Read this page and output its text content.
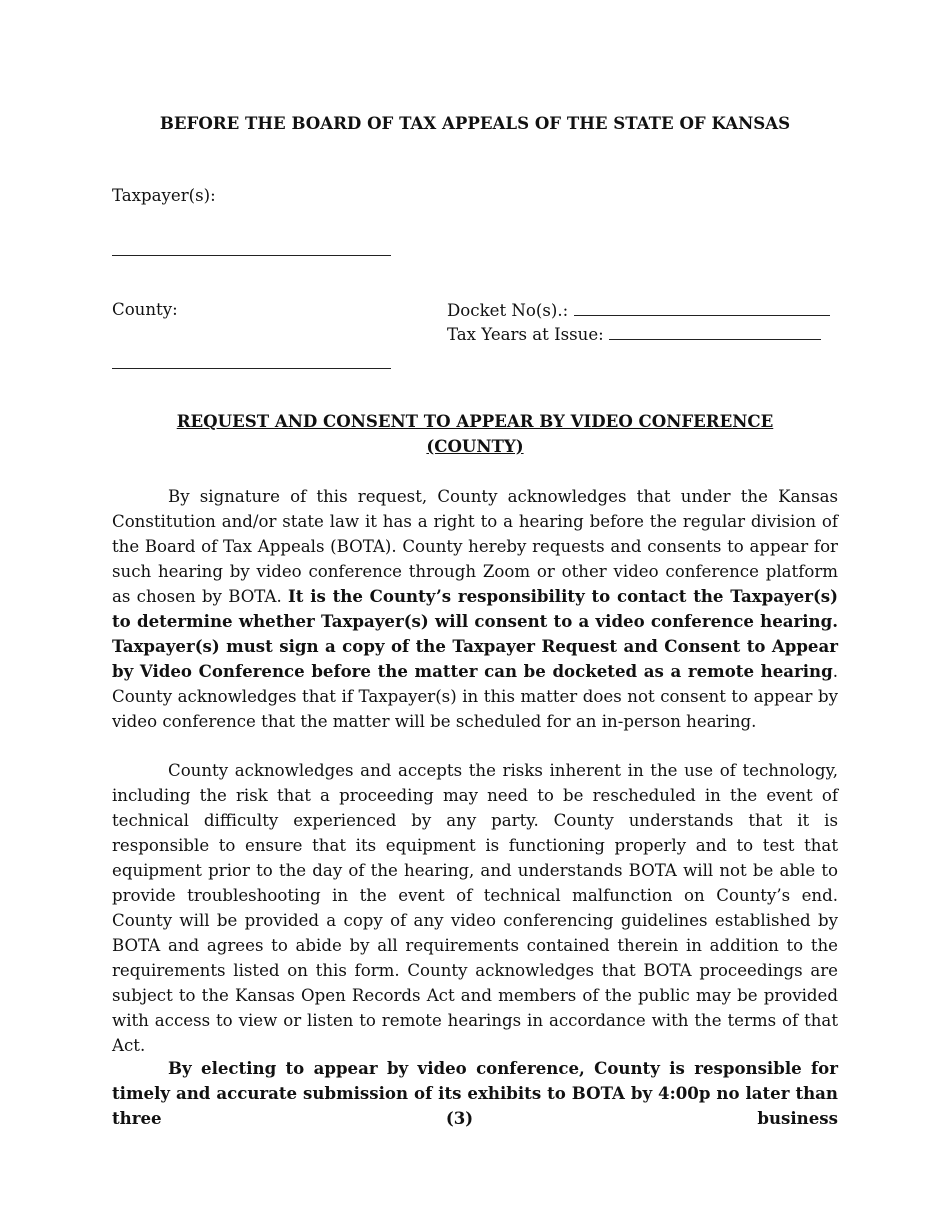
BEFORE THE BOARD OF TAX APPEALS OF THE STATE OF KANSAS
Taxpayer(s):
County:	Docket No(s).:
Tax Years at Issue:
REQUEST AND CONSENT TO APPEAR BY VIDEO CONFERENCE
(COUNTY)
By signature of this request, County acknowledges that under the Kansas Constitution and/or state law it has a right to a hearing before the regular division of the Board of Tax Appeals (BOTA). County hereby requests and consents to appear for such hearing by video conference through Zoom or other video conference platform as chosen by BOTA. It is the County’s responsibility to contact the Taxpayer(s) to determine whether Taxpayer(s) will consent to a video conference hearing. Taxpayer(s) must sign a copy of the Taxpayer Request and Consent to Appear by Video Conference before the matter can be docketed as a remote hearing. County acknowledges that if Taxpayer(s) in this matter does not consent to appear by video conference that the matter will be scheduled for an in-person hearing.
County acknowledges and accepts the risks inherent in the use of technology, including the risk that a proceeding may need to be rescheduled in the event of technical difficulty experienced by any party. County understands that it is responsible to ensure that its equipment is functioning properly and to test that equipment prior to the day of the hearing, and understands BOTA will not be able to provide troubleshooting in the event of technical malfunction on County’s end. County will be provided a copy of any video conferencing guidelines established by BOTA and agrees to abide by all requirements contained therein in addition to the requirements listed on this form. County acknowledges that BOTA proceedings are subject to the Kansas Open Records Act and members of the public may be provided with access to view or listen to remote hearings in accordance with the terms of that Act.
By electing to appear by video conference, County is responsible for timely and accurate submission of its exhibits to BOTA by 4:00p no later than three (3) business
